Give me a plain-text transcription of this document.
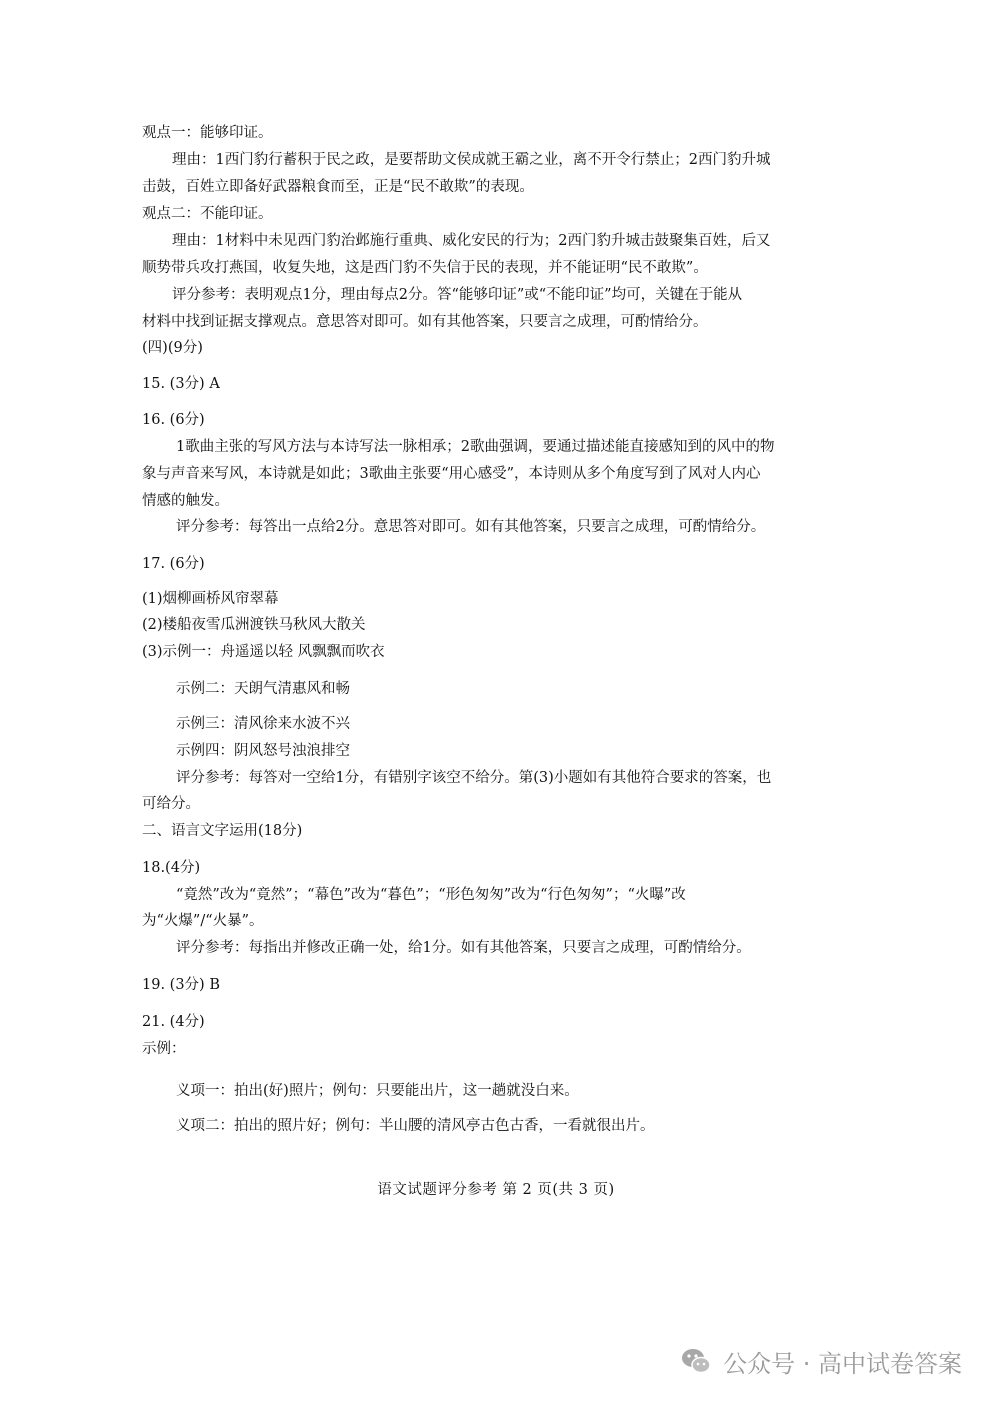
观点一：能够印证。
理由：1西门豹行蓄积于民之政，是要帮助文侯成就王霸之业，离不开令行禁止；2西门豹升城
击鼓，百姓立即备好武器粮食而至，正是“民不敢欺”的表现。
观点二：不能印证。
理由：1材料中未见西门豹治邺施行重典、威化安民的行为；2西门豹升城击鼓聚集百姓，后又
顺势带兵攻打燕国，收复失地，这是西门豹不失信于民的表现，并不能证明“民不敢欺”。
评分参考：表明观点1分，理由每点2分。答“能够印证”或“不能印证”均可，关键在于能从
材料中找到证据支撑观点。意思答对即可。如有其他答案，只要言之成理，可酌情给分。
(四)(9分)
15. (3分) A
16. (6分)
1歌曲主张的写风方法与本诗写法一脉相承；2歌曲强调，要通过描述能直接感知到的风中的物
象与声音来写风，本诗就是如此；3歌曲主张要“用心感受”，本诗则从多个角度写到了风对人内心
情感的触发。
评分参考：每答出一点给2分。意思答对即可。如有其他答案，只要言之成理，可酌情给分。
17. (6分)
(1)烟柳画桥风帘翠幕
(2)楼船夜雪瓜洲渡铁马秋风大散关
(3)示例一：舟遥遥以轻 风飘飘而吹衣
示例二：天朗气清惠风和畅
示例三：清风徐来水波不兴
示例四：阴风怒号浊浪排空
评分参考：每答对一空给1分，有错别字该空不给分。第(3)小题如有其他符合要求的答案，也
可给分。
二、语言文字运用(18分)
18.(4分)
“竟然”改为“竟然”；“幕色”改为“暮色”；“形色匆匆”改为“行色匆匆”；“火曝”改
为“火爆”/“火暴”。
评分参考：每指出并修改正确一处，给1分。如有其他答案，只要言之成理，可酌情给分。
19. (3分) B
21. (4分)
示例：
义项一：拍出(好)照片；例句：只要能出片，这一趟就没白来。
义项二：拍出的照片好；例句：半山腰的清风亭古色古香，一看就很出片。
语文试题评分参考 第 2 页(共 3 页)
公众号 · 高中试卷答案
